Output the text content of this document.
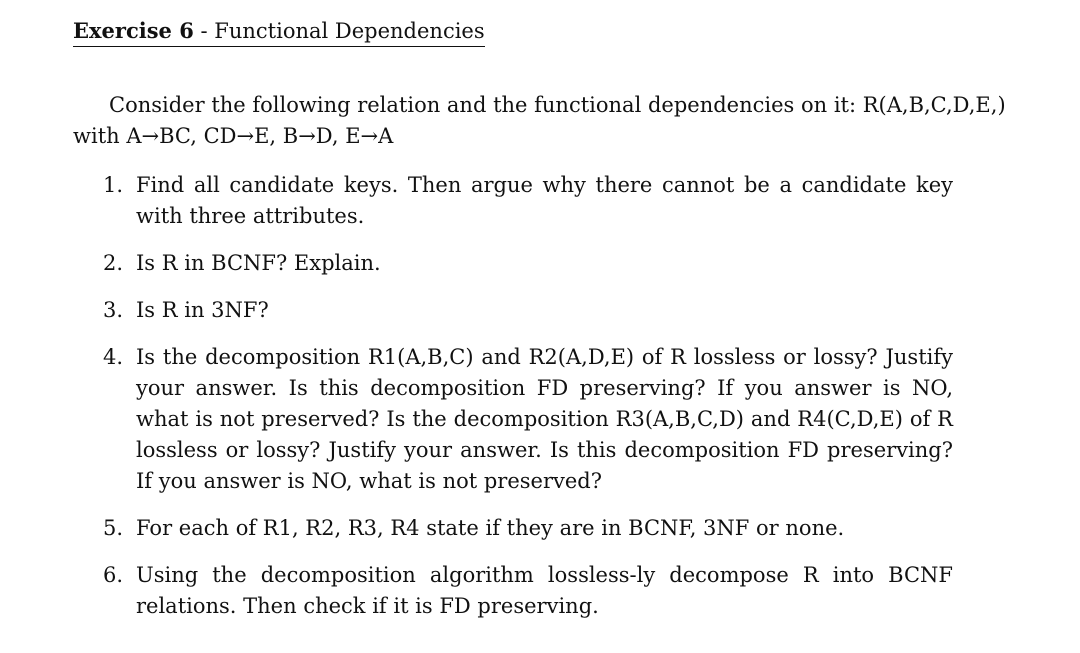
Exercise 6 - Functional Dependencies
Consider the following relation and the functional dependencies on it: R(A,B,C,D,E,)
with A→BC, CD→E, B→D, E→A
1. Find all candidate keys. Then argue why there cannot be a candidate key with three attributes.
2. Is R in BCNF? Explain.
3. Is R in 3NF?
4. Is the decomposition R1(A,B,C) and R2(A,D,E) of R lossless or lossy? Justify your answer. Is this decomposition FD preserving? If you answer is NO, what is not preserved? Is the decomposition R3(A,B,C,D) and R4(C,D,E) of R lossless or lossy? Justify your answer. Is this decomposition FD preserving? If you answer is NO, what is not preserved?
5. For each of R1, R2, R3, R4 state if they are in BCNF, 3NF or none.
6. Using the decomposition algorithm lossless-ly decompose R into BCNF relations. Then check if it is FD preserving.
